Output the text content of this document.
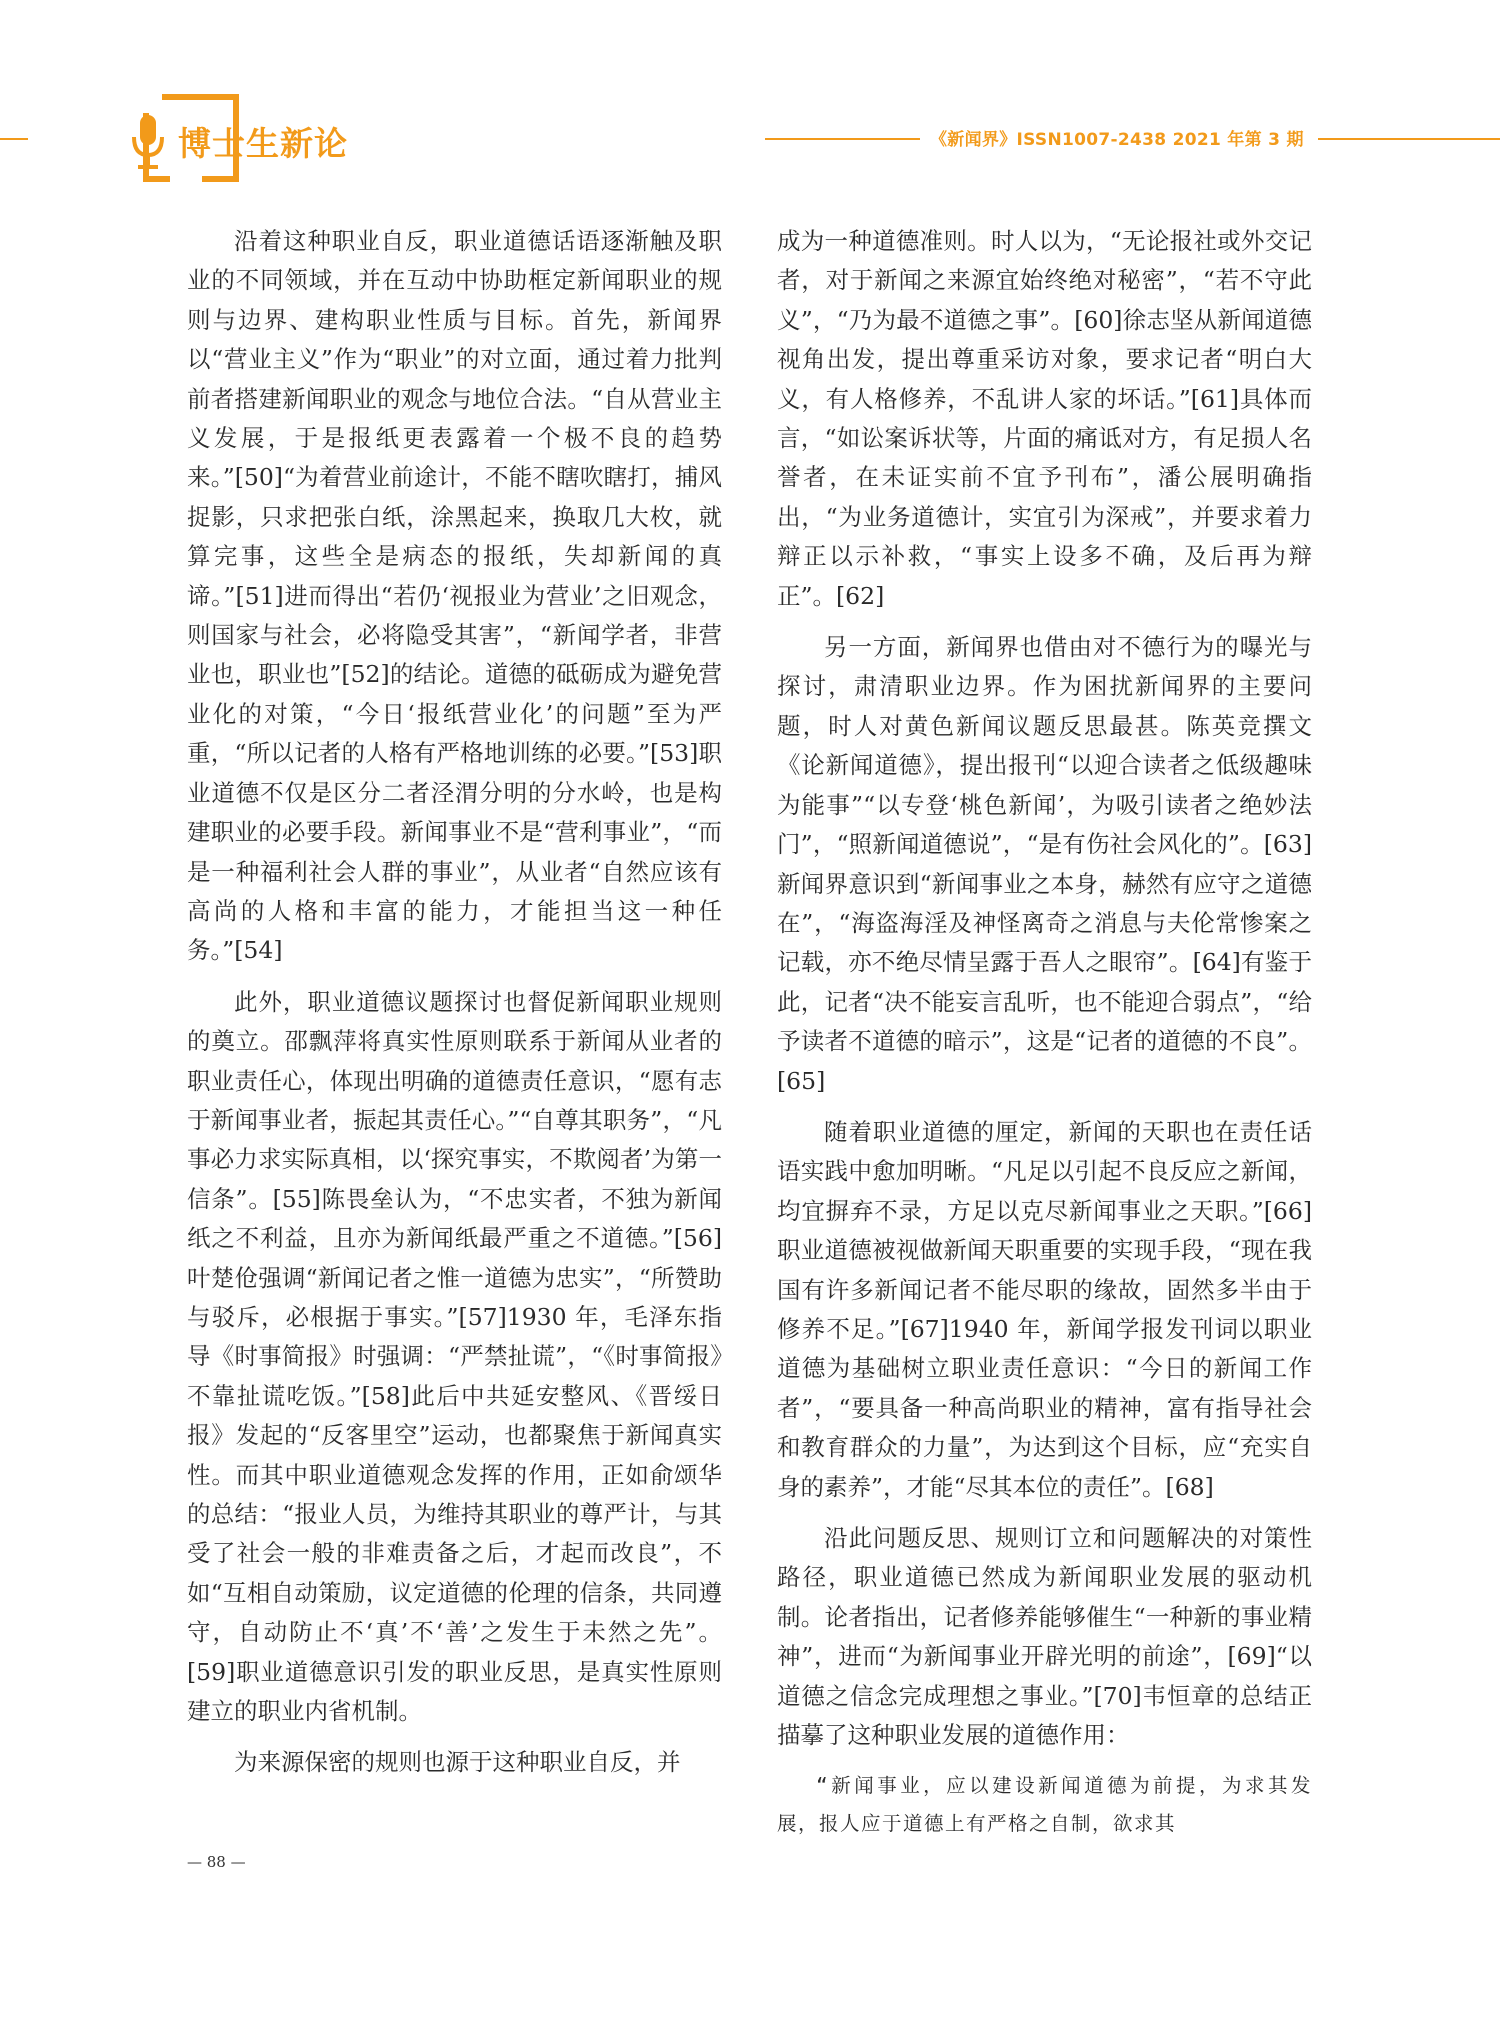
博士生新论	《新闻界》ISSN1007-2438 2021 年第 3 期

沿着这种职业自反，职业道德话语逐渐触及职业的不同领域，并在互动中协助框定新闻职业的规则与边界、建构职业性质与目标。首先，新闻界以“营业主义”作为“职业”的对立面，通过着力批判前者搭建新闻职业的观念与地位合法。“自从营业主义发展，于是报纸更表露着一个极不良的趋势来。”[50]“为着营业前途计，不能不瞎吹瞎打，捕风捉影，只求把张白纸，涂黑起来，换取几大枚，就算完事，这些全是病态的报纸，失却新闻的真谛。”[51]进而得出“若仍‘视报业为营业’之旧观念，则国家与社会，必将隐受其害”，“新闻学者，非营业也，职业也”[52]的结论。道德的砥砺成为避免营业化的对策，“今日‘报纸营业化’的问题”至为严重，“所以记者的人格有严格地训练的必要。”[53]职业道德不仅是区分二者泾渭分明的分水岭，也是构建职业的必要手段。新闻事业不是“营利事业”，“而是一种福利社会人群的事业”，从业者“自然应该有高尚的人格和丰富的能力，才能担当这一种任务。”[54]

此外，职业道德议题探讨也督促新闻职业规则的奠立。邵飘萍将真实性原则联系于新闻从业者的职业责任心，体现出明确的道德责任意识，“愿有志于新闻事业者，振起其责任心。”“自尊其职务”，“凡事必力求实际真相，以‘探究事实，不欺阅者’为第一信条”。[55]陈畏垒认为，“不忠实者，不独为新闻纸之不利益，且亦为新闻纸最严重之不道德。”[56]叶楚伧强调“新闻记者之惟一道德为忠实”，“所赞助与驳斥，必根据于事实。”[57]1930 年，毛泽东指导《时事简报》时强调：“严禁扯谎”，“《时事简报》不靠扯谎吃饭。”[58]此后中共延安整风、《晋绥日报》发起的“反客里空”运动，也都聚焦于新闻真实性。而其中职业道德观念发挥的作用，正如俞颂华的总结：“报业人员，为维持其职业的尊严计，与其受了社会一般的非难责备之后，才起而改良”，不如“互相自动策励，议定道德的伦理的信条，共同遵守，自动防止不‘真’不‘善’之发生于未然之先”。[59]职业道德意识引发的职业反思，是真实性原则建立的职业内省机制。

为来源保密的规则也源于这种职业自反，并

成为一种道德准则。时人以为，“无论报社或外交记者，对于新闻之来源宜始终绝对秘密”，“若不守此义”，“乃为最不道德之事”。[60]徐志坚从新闻道德视角出发，提出尊重采访对象，要求记者“明白大义，有人格修养，不乱讲人家的坏话。”[61]具体而言，“如讼案诉状等，片面的痛诋对方，有足损人名誉者，在未证实前不宜予刊布”，潘公展明确指出，“为业务道德计，实宜引为深戒”，并要求着力辩正以示补救，“事实上设多不确，及后再为辩正”。[62]

另一方面，新闻界也借由对不德行为的曝光与探讨，肃清职业边界。作为困扰新闻界的主要问题，时人对黄色新闻议题反思最甚。陈英竞撰文《论新闻道德》，提出报刊“以迎合读者之低级趣味为能事”“以专登‘桃色新闻’，为吸引读者之绝妙法门”，“照新闻道德说”，“是有伤社会风化的”。[63]新闻界意识到“新闻事业之本身，赫然有应守之道德在”，“海盗海淫及神怪离奇之消息与夫伦常惨案之记载，亦不绝尽情呈露于吾人之眼帘”。[64]有鉴于此，记者“决不能妄言乱听，也不能迎合弱点”，“给予读者不道德的暗示”，这是“记者的道德的不良”。[65]

随着职业道德的厘定，新闻的天职也在责任话语实践中愈加明晰。“凡足以引起不良反应之新闻，均宜摒弃不录，方足以克尽新闻事业之天职。”[66]职业道德被视做新闻天职重要的实现手段，“现在我国有许多新闻记者不能尽职的缘故，固然多半由于修养不足。”[67]1940 年，新闻学报发刊词以职业道德为基础树立职业责任意识：“今日的新闻工作者”，“要具备一种高尚职业的精神，富有指导社会和教育群众的力量”，为达到这个目标，应“充实自身的素养”，才能“尽其本位的责任”。[68]

沿此问题反思、规则订立和问题解决的对策性路径，职业道德已然成为新闻职业发展的驱动机制。论者指出，记者修养能够催生“一种新的事业精神”，进而“为新闻事业开辟光明的前途”，[69]“以道德之信念完成理想之事业。”[70]韦恒章的总结正描摹了这种职业发展的道德作用：

“新闻事业，应以建设新闻道德为前提，为求其发展，报人应于道德上有严格之自制，欲求其

— 88 —
